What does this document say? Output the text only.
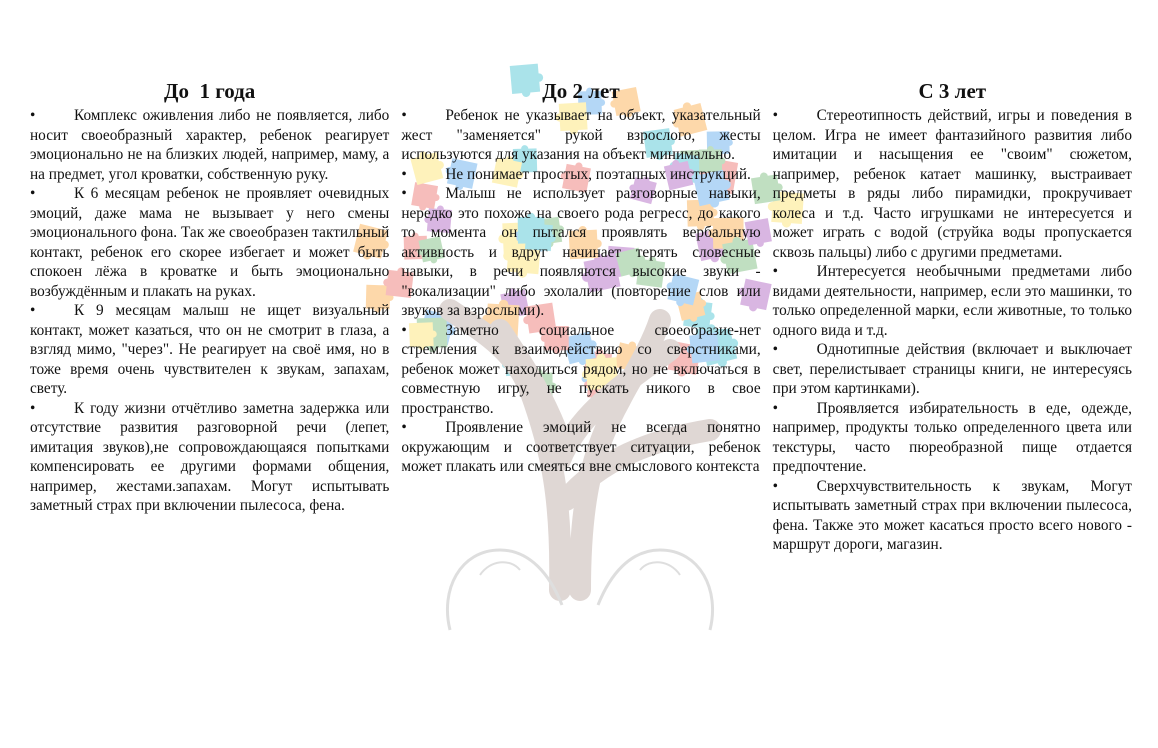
До  1 года

•	Комплекс оживления либо не появляется, либо носит своеобразный характер, ребенок реагирует эмоционально не на близких людей, например, маму, а на предмет, угол кроватки, собственную руку.

•	К 6 месяцам ребенок не проявляет очевидных эмоций, даже мама не вызывает у него смены эмоционального фона. Так же своеобразен тактильный контакт, ребенок его скорее избегает и может быть спокоен лёжа в кроватке и быть эмоционально возбуждённым и плакать на руках.

•	К 9 месяцам малыш не ищет визуальный контакт, может казаться, что он не смотрит в глаза, а взгляд мимо, "через". Не реагирует на своё имя, но в тоже время очень чувствителен к звукам, запахам, свету.

•	К году жизни отчётливо заметна задержка или отсутствие развития разговорной речи (лепет, имитация звуков),не сопровождающаяся попытками компенсировать ее другими формами общения, например, жестами.запахам. Могут испытывать заметный страх при включении пылесоса, фена.

До 2 лет

•	Ребенок не указывает на объект, указательный жест "заменяется" рукой взрослого, жесты используются для указания на объект минимально.

•	Не понимает простых, поэтапных инструкций.

•	Малыш не использует разговорные навыки, нередко это похоже на своего рода регресс, до какого то момента он пытался проявлять вербальную активность и вдруг начинает терять словесные навыки, в речи появляются высокие звуки - "вокализации" либо эхолалии (повторение слов или звуков за взрослыми).

•	Заметно социальное своеобразие-нет стремления к взаимодействию со сверстниками, ребенок может находиться рядом, но не включаться в совместную игру, не пускать никого в свое пространство.

•	Проявление эмоций не всегда понятно окружающим и соответствует ситуации, ребенок может плакать или смеяться вне смыслового контекста

С 3 лет

•	Стереотипность действий, игры и поведения в целом. Игра не имеет фантазийного развития либо имитации и насыщения ее "своим" сюжетом, например, ребенок катает машинку, выстраивает предметы в ряды либо пирамидки, прокручивает колеса и т.д. Часто игрушками не интересуется и может играть с водой (струйка воды пропускается сквозь пальцы) либо с другими предметами.

•	Интересуется необычными предметами либо видами деятельности, например, если это машинки, то только определенной марки, если животные, то только одного вида и т.д.

•	Однотипные действия (включает и выключает свет, перелистывает страницы книги, не интересуясь при этом картинками).

•	Проявляется избирательность в еде, одежде, например, продукты только определенного цвета или текстуры, часто пюреобразной пище отдается предпочтение.

•	Сверхчувствительность к звукам, Могут испытывать заметный страх при включении пылесоса, фена. Также это может касаться просто всего нового - маршрут дороги, магазин.
